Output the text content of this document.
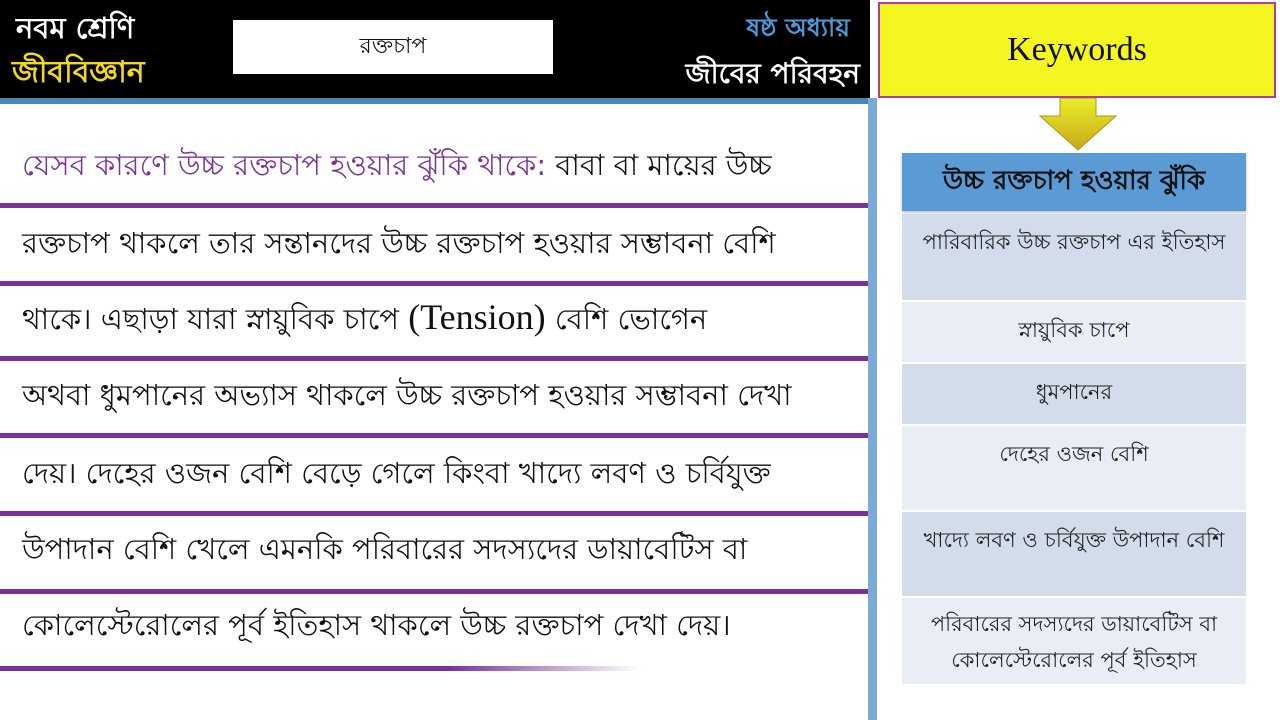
নবম শ্রেণি
জীববিজ্ঞান
রক্তচাপ
ষষ্ঠ অধ্যায়
জীবের পরিবহন
যেসব কারণে উচ্চ রক্তচাপ হওয়ার ঝুঁকি থাকে: বাবা বা মায়ের উচ্চ
রক্তচাপ থাকলে তার সন্তানদের উচ্চ রক্তচাপ হওয়ার সম্ভাবনা বেশি
থাকে। এছাড়া যারা স্নায়ুবিক চাপে (Tension) বেশি ভোগেন
অথবা ধুমপানের অভ্যাস থাকলে উচ্চ রক্তচাপ হওয়ার সম্ভাবনা দেখা
দেয়। দেহের ওজন বেশি বেড়ে গেলে কিংবা খাদ্যে লবণ ও চর্বিযুক্ত
উপাদান বেশি খেলে এমনকি পরিবারের সদস্যদের ডায়াবেটিস বা
কোলেস্টেরোলের পূর্ব ইতিহাস থাকলে উচ্চ রক্তচাপ দেখা দেয়।
Keywords
উচ্চ রক্তচাপ হওয়ার ঝুঁকি
পারিবারিক উচ্চ রক্তচাপ এর ইতিহাস
স্নায়ুবিক চাপে
ধুমপানের
দেহের ওজন বেশি
খাদ্যে লবণ ও চর্বিযুক্ত উপাদান বেশি
পরিবারের সদস্যদের ডায়াবেটিস বা কোলেস্টেরোলের পূর্ব ইতিহাস
